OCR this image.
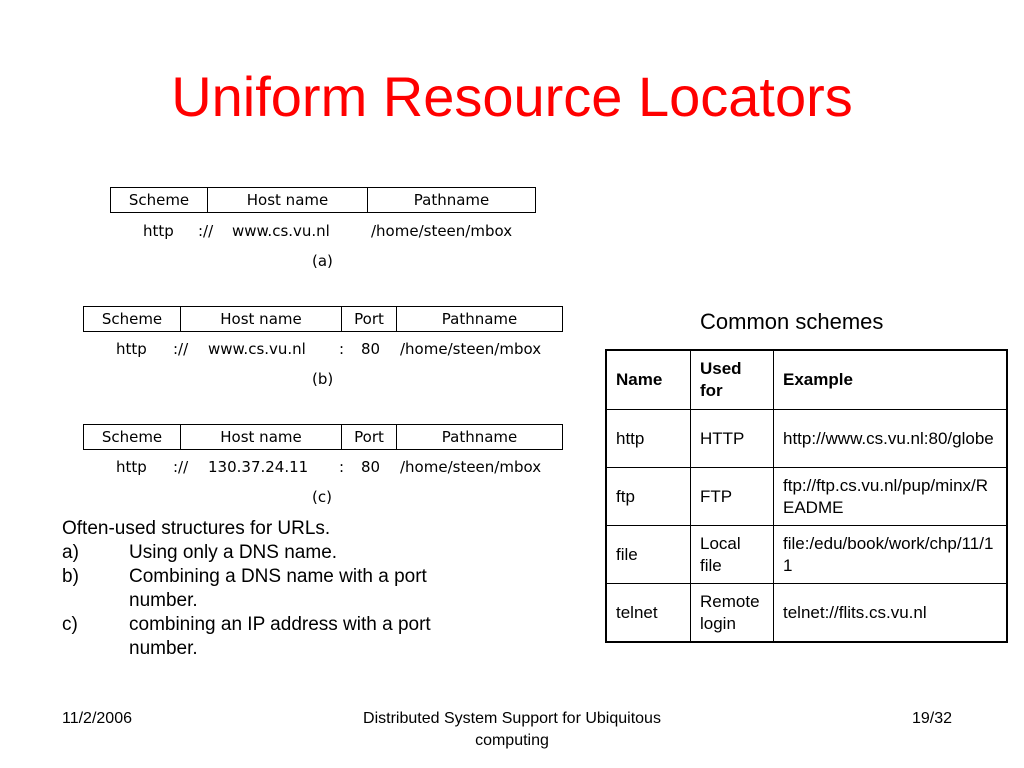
Uniform Resource Locators
Scheme	Host name	Pathname
http :// www.cs.vu.nl	/home/steen/mbox
(a)
Scheme	Host name	Port	Pathname
http :// www.cs.vu.nl : 80 /home/steen/mbox
(b)
Scheme	Host name	Port	Pathname
http :// 130.37.24.11 : 80 /home/steen/mbox
(c)
Often-used structures for URLs.
a)	Using only a DNS name.
b)	Combining a DNS name with a port number.
c)	combining an IP address with a port number.
Common schemes
Name	Used for	Example
http	HTTP	http://www.cs.vu.nl:80/globe
ftp	FTP	ftp://ftp.cs.vu.nl/pup/minx/README
file	Local file	file:/edu/book/work/chp/11/11
telnet	Remote login	telnet://flits.cs.vu.nl
11/2/2006	Distributed System Support for Ubiquitous computing
19/32
